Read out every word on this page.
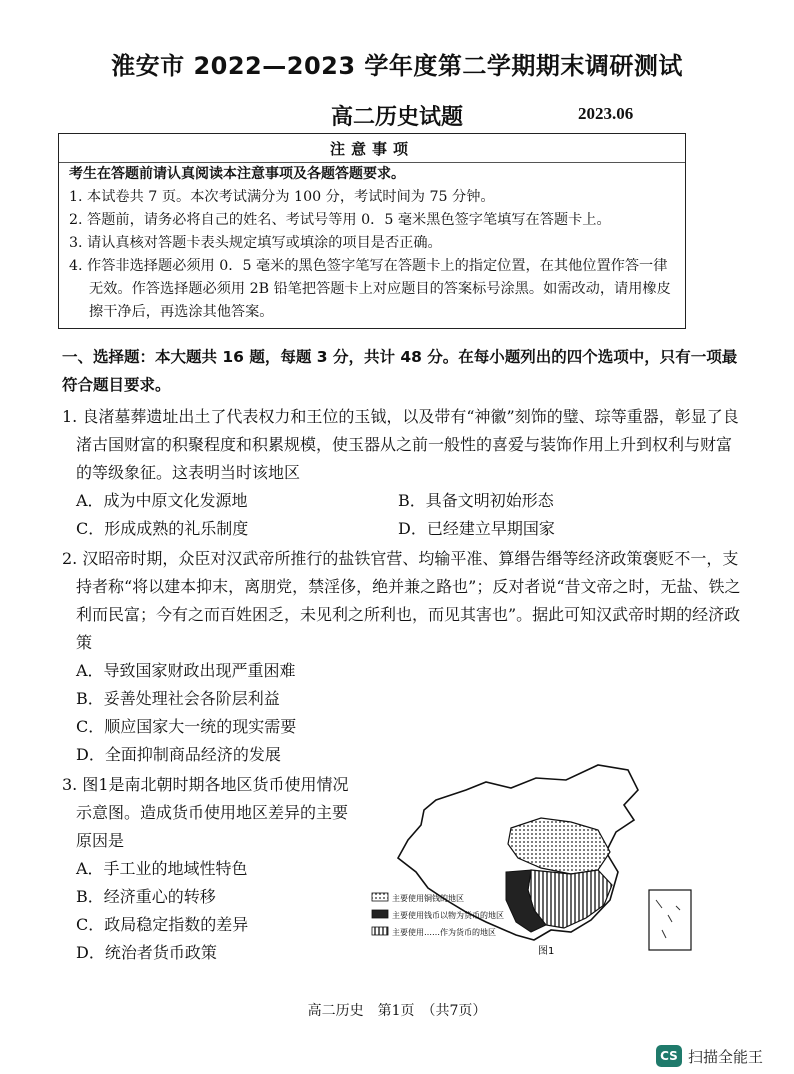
淮安市 2022—2023 学年度第二学期期末调研测试
高二历史试题	2023.06
注意事项
考生在答题前请认真阅读本注意事项及各题答题要求。
1. 本试卷共 7 页。本次考试满分为 100 分，考试时间为 75 分钟。
2. 答题前，请务必将自己的姓名、考试号等用 0．5 毫米黑色签字笔填写在答题卡上。
3. 请认真核对答题卡表头规定填写或填涂的项目是否正确。
4. 作答非选择题必须用 0．5 毫米的黑色签字笔写在答题卡上的指定位置，在其他位置作答一律无效。作答选择题必须用 2B 铅笔把答题卡上对应题目的答案标号涂黑。如需改动，请用橡皮擦干净后，再选涂其他答案。
一、选择题：本大题共 16 题，每题 3 分，共计 48 分。在每小题列出的四个选项中，只有一项最符合题目要求。
1. 良渚墓葬遗址出土了代表权力和王位的玉钺，以及带有“神徽”刻饰的璧、琮等重器，彰显了良渚古国财富的积聚程度和积累规模，使玉器从之前一般性的喜爱与装饰作用上升到权利与财富的等级象征。这表明当时该地区
A．成为中原文化发源地	B．具备文明初始形态
C．形成成熟的礼乐制度	D．已经建立早期国家
2. 汉昭帝时期，众臣对汉武帝所推行的盐铁官营、均输平准、算缗告缗等经济政策褒贬不一，支持者称“将以建本抑末，离朋党，禁淫侈，绝并兼之路也”；反对者说“昔文帝之时，无盐、铁之利而民富；今有之而百姓困乏，未见利之所利也，而见其害也”。据此可知汉武帝时期的经济政策
A．导致国家财政出现严重困难
B．妥善处理社会各阶层利益
C．顺应国家大一统的现实需要
D．全面抑制商品经济的发展
3. 图1是南北朝时期各地区货币使用情况示意图。造成货币使用地区差异的主要原因是
A．手工业的地域性特色
B．经济重心的转移
C．政局稳定指数的差异
D．统治者货币政策
主要使用铜钱的地区
主要使用钱币以物为货币的地区
主要使用……作为货币的地区
图1
高二历史　第1页　（共7页）
CS 扫描全能王
